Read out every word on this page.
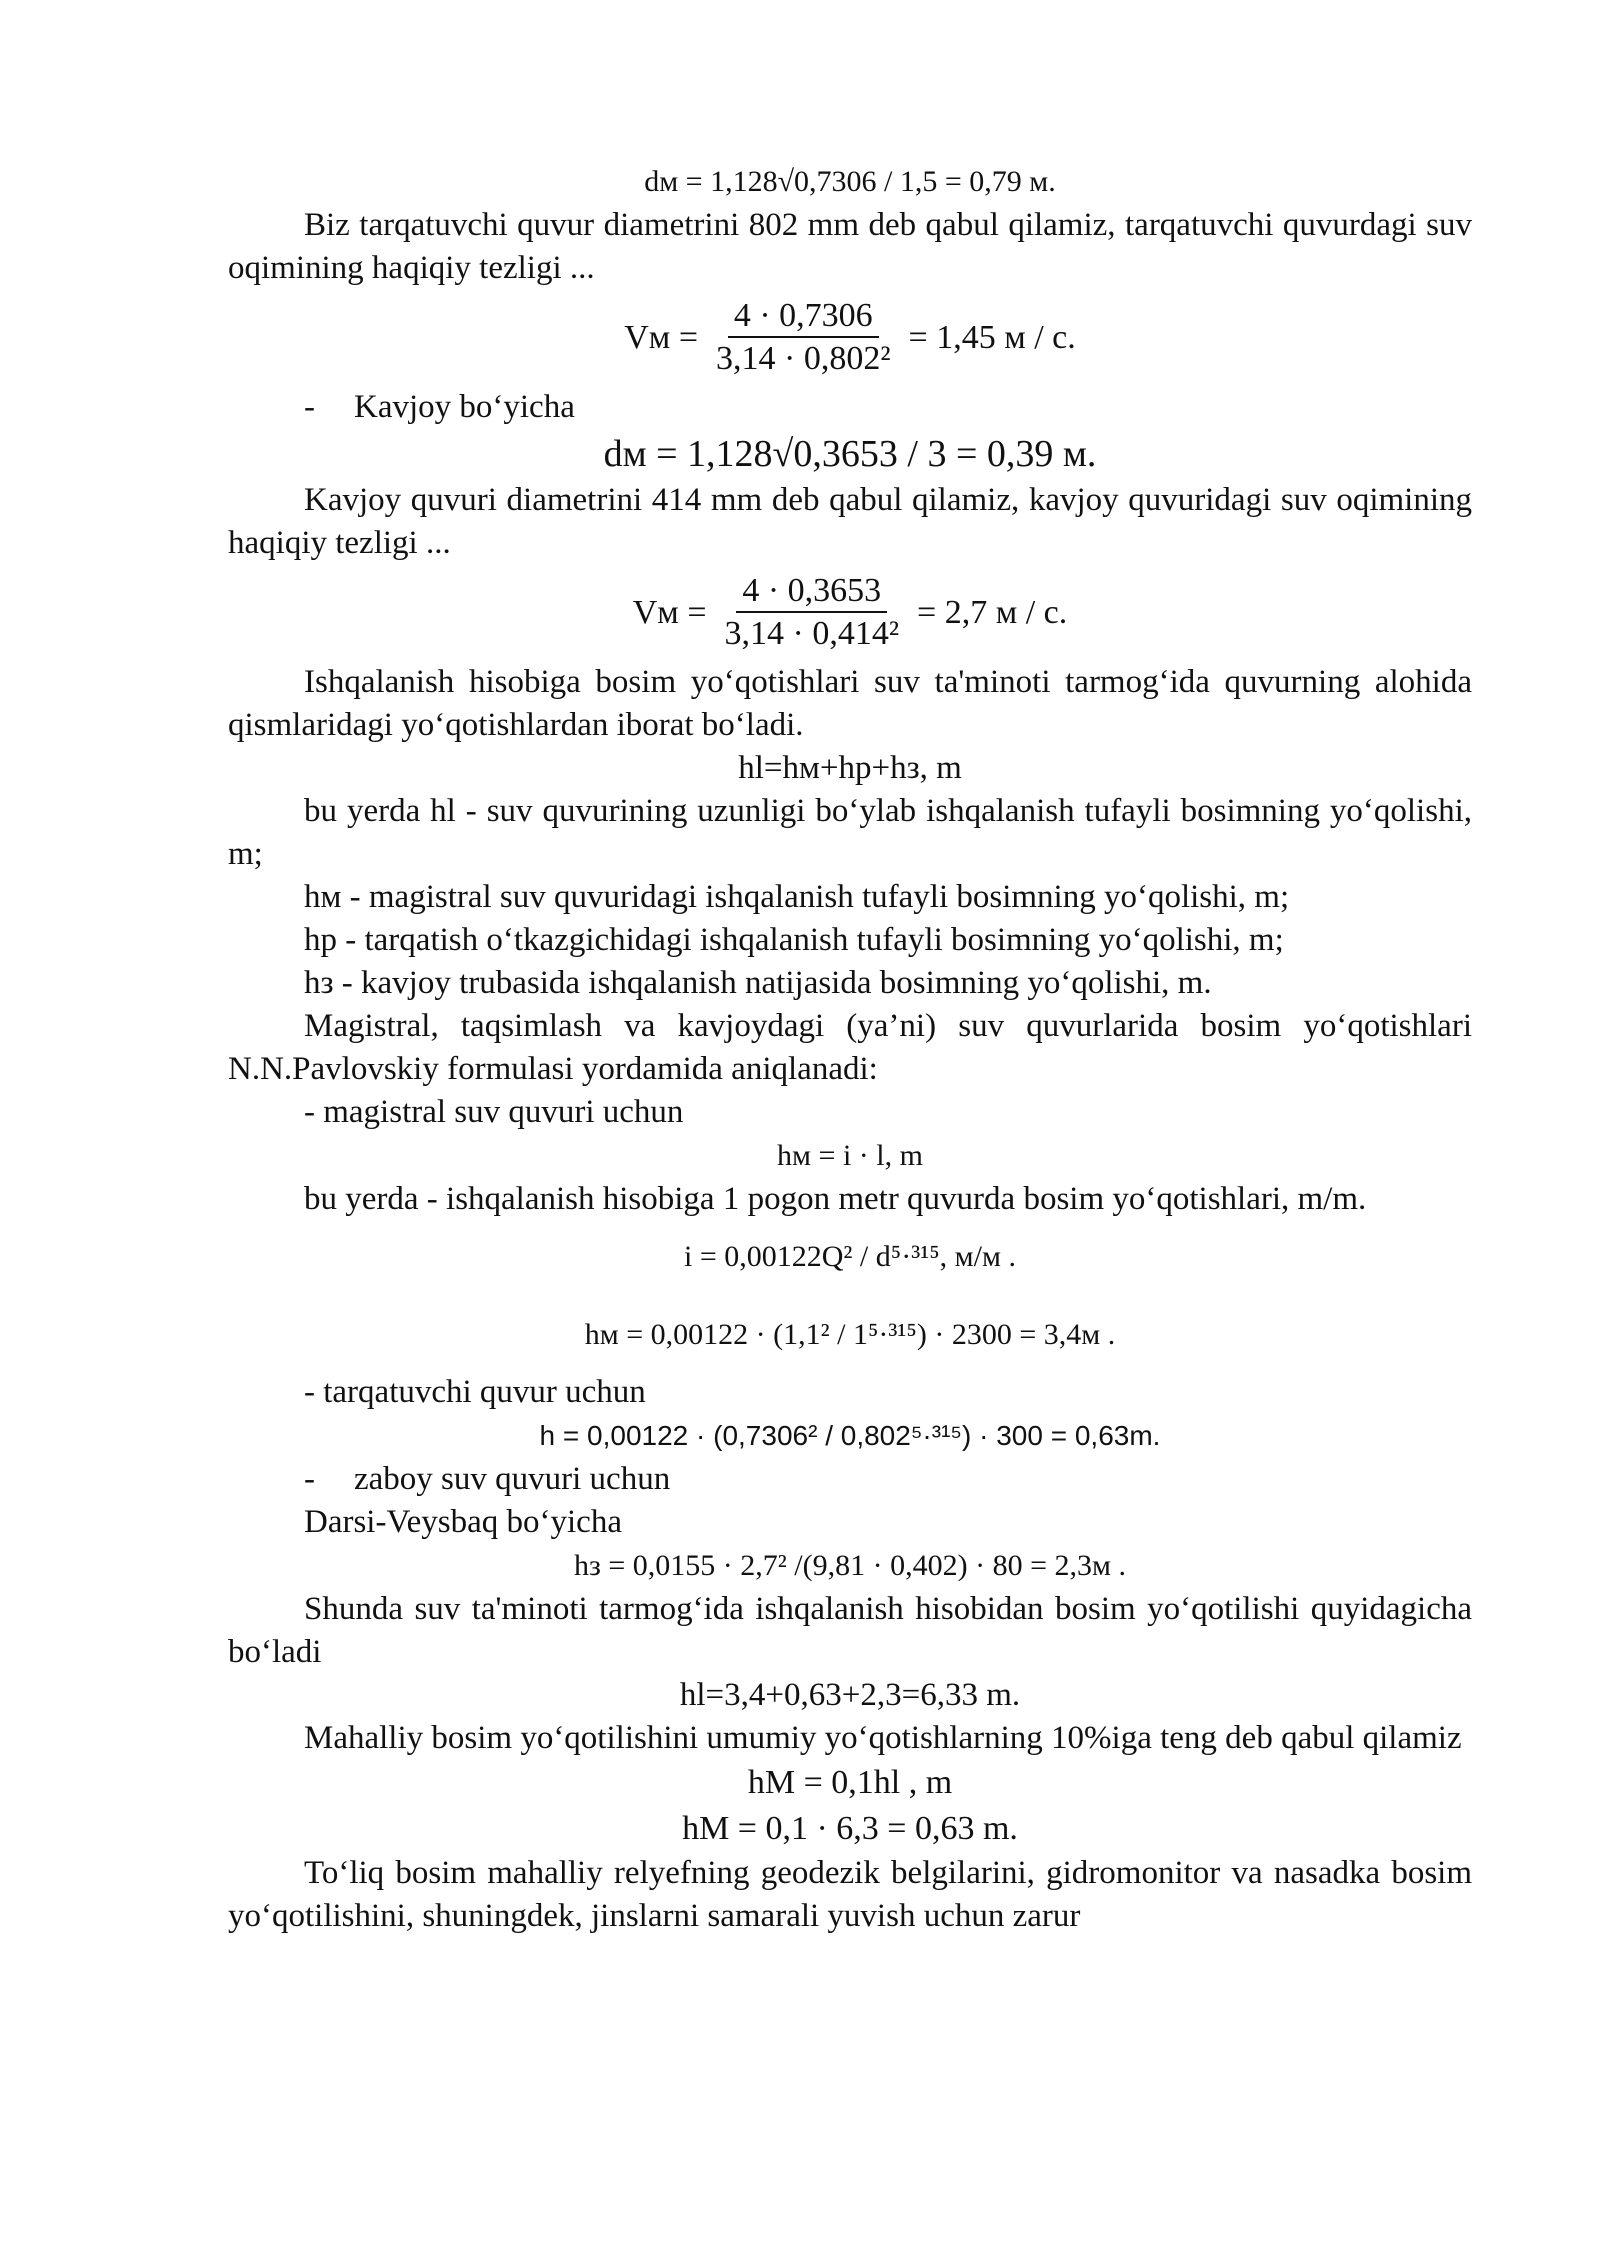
dм = 1,128√0,7306 / 1,5 = 0,79 м.

Biz tarqatuvchi quvur diametrini 802 mm deb qabul qilamiz, tarqatuvchi quvurdagi suv oqimining haqiqiy tezligi ...

Vм = $\frac{4 \cdot 0,7306}{\text{3,14 · 0,802²}} = 1,45$ м / с.

- Kavjoy bo‘yicha

dм = 1,128√0,3653 / 3 = 0,39 м.

Kavjoy quvuri diametrini 414 mm deb qabul qilamiz, kavjoy quvuridagi suv oqimining haqiqiy tezligi ...

Vм = $\frac{4 \cdot 0,3653}{\text{3,14 · 0,414²}} = 2,7$ м / с.

Ishqalanish hisobiga bosim yo‘qotishlari suv ta'minoti tarmog‘ida quvurning alohida qismlaridagi yo‘qotishlardan iborat bo‘ladi.

hl=hм+hp+hз, m

bu yerda hl - suv quvurining uzunligi bo‘ylab ishqalanish tufayli bosimning yo‘qolishi, m;

hм - magistral suv quvuridagi ishqalanish tufayli bosimning yo‘qolishi, m;

hp - tarqatish o‘tkazgichidagi ishqalanish tufayli bosimning yo‘qolishi, m;

hз - kavjoy trubasida ishqalanish natijasida bosimning yo‘qolishi, m.

Magistral, taqsimlash va kavjoydagi (ya’ni) suv quvurlarida bosim yo‘qotishlari N.N.Pavlovskiy formulasi yordamida aniqlanadi:

- magistral suv quvuri uchun

hм = i · l, m

bu yerda - ishqalanish hisobiga 1 pogon metr quvurda bosim yo‘qotishlari, m/m.

i = 0,00122Q² / d⁵·³¹⁵, м/м .

hм = 0,00122 · (1,1² / 1⁵·³¹⁵) · 2300 = 3,4м .

- tarqatuvchi quvur uchun

h = 0,00122 · (0,7306² / 0,802⁵·³¹⁵) · 300 = 0,63m.

- zaboy suv quvuri uchun

Darsi-Veysbaq bo‘yicha

hз = 0,0155 · 2,7² /(9,81 · 0,402) · 80 = 2,3м .

Shunda suv ta'minoti tarmog‘ida ishqalanish hisobidan bosim yo‘qotilishi quyidagicha bo‘ladi

hl=3,4+0,63+2,3=6,33 m.

Mahalliy bosim yo‘qotilishini umumiy yo‘qotishlarning 10%iga teng deb qabul qilamiz

hМ = 0,1hl , m

hМ = 0,1 · 6,3 = 0,63 m.

To‘liq bosim mahalliy relyefning geodezik belgilarini, gidromonitor va nasadka bosim yo‘qotilishini, shuningdek, jinslarni samarali yuvish uchun zarur
